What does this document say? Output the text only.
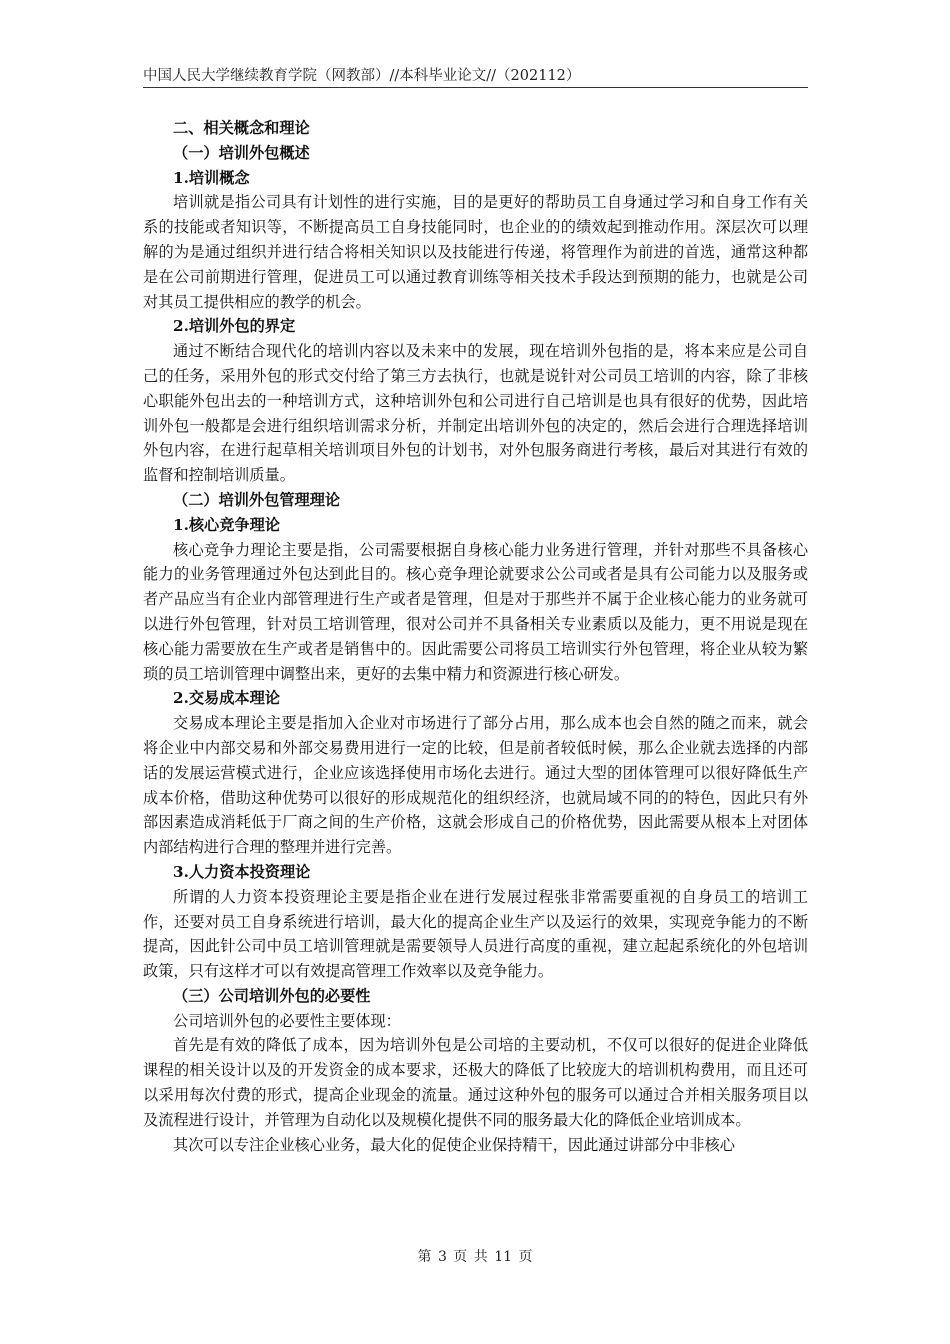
中国人民大学继续教育学院（网教部）//本科毕业论文//（202112）

二、相关概念和理论

（一）培训外包概述

1.培训概念

培训就是指公司具有计划性的进行实施，目的是更好的帮助员工自身通过学习和自身工作有关系的技能或者知识等，不断提高员工自身技能同时，也企业的的绩效起到推动作用。深层次可以理解的为是通过组织并进行结合将相关知识以及技能进行传递，将管理作为前进的首选，通常这种都是在公司前期进行管理，促进员工可以通过教育训练等相关技术手段达到预期的能力，也就是公司对其员工提供相应的教学的机会。

2.培训外包的界定

通过不断结合现代化的培训内容以及未来中的发展，现在培训外包指的是，将本来应是公司自己的任务，采用外包的形式交付给了第三方去执行，也就是说针对公司员工培训的内容，除了非核心职能外包出去的一种培训方式，这种培训外包和公司进行自己培训是也具有很好的优势，因此培训外包一般都是会进行组织培训需求分析，并制定出培训外包的决定的，然后会进行合理选择培训外包内容，在进行起草相关培训项目外包的计划书，对外包服务商进行考核，最后对其进行有效的监督和控制培训质量。

（二）培训外包管理理论

1.核心竞争理论

核心竞争力理论主要是指，公司需要根据自身核心能力业务进行管理，并针对那些不具备核心能力的业务管理通过外包达到此目的。核心竞争理论就要求公公司或者是具有公司能力以及服务或者产品应当有企业内部管理进行生产或者是管理，但是对于那些并不属于企业核心能力的业务就可以进行外包管理，针对员工培训管理，很对公司并不具备相关专业素质以及能力，更不用说是现在核心能力需要放在生产或者是销售中的。因此需要公司将员工培训实行外包管理，将企业从较为繁琐的员工培训管理中调整出来，更好的去集中精力和资源进行核心研发。

2.交易成本理论

交易成本理论主要是指加入企业对市场进行了部分占用，那么成本也会自然的随之而来，就会将企业中内部交易和外部交易费用进行一定的比较，但是前者较低时候，那么企业就去选择的内部话的发展运营模式进行，企业应该选择使用市场化去进行。通过大型的团体管理可以很好降低生产成本价格，借助这种优势可以很好的形成规范化的组织经济，也就局域不同的的特色，因此只有外部因素造成消耗低于厂商之间的生产价格，这就会形成自己的价格优势，因此需要从根本上对团体内部结构进行合理的整理并进行完善。

3.人力资本投资理论

所谓的人力资本投资理论主要是指企业在进行发展过程张非常需要重视的自身员工的培训工作，还要对员工自身系统进行培训，最大化的提高企业生产以及运行的效果，实现竞争能力的不断提高，因此针公司中员工培训管理就是需要领导人员进行高度的重视，建立起起系统化的外包培训政策，只有这样才可以有效提高管理工作效率以及竞争能力。

（三）公司培训外包的必要性

公司培训外包的必要性主要体现：

首先是有效的降低了成本，因为培训外包是公司培的主要动机，不仅可以很好的促进企业降低课程的相关设计以及的开发资金的成本要求，还极大的降低了比较庞大的培训机构费用，而且还可以采用每次付费的形式，提高企业现金的流量。通过这种外包的服务可以通过合并相关服务项目以及流程进行设计，并管理为自动化以及规模化提供不同的服务最大化的降低企业培训成本。

其次可以专注企业核心业务，最大化的促使企业保持精干，因此通过讲部分中非核心

第 3 页 共 11 页
